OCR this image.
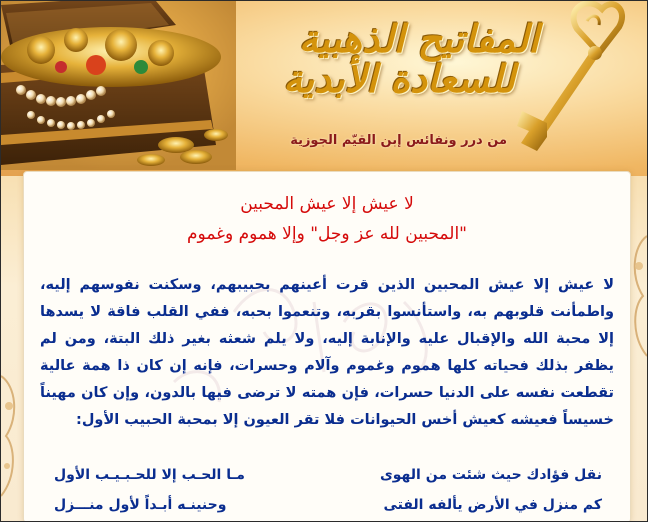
المفاتيح الذهبية
للسعادة الأبدية
من درر ونفائس إبن القيّم الجوزية
لا عيش إلا عيش المحبين
"المحبين لله عز وجل" وإلا هموم وغموم
لا عيش إلا عيش المحبين الذين قرت أعينهم بحبيبهم، وسكنت نفوسهم إليه، واطمأنت قلوبهم به، واستأنسوا بقربه، وتنعموا بحبه، ففي القلب فاقة لا يسدها إلا محبة الله والإقبال عليه والإنابة إليه، ولا يلم شعثه بغير ذلك البتة، ومن لم يظفر بذلك فحياته كلها هموم وغموم وآلام وحسرات، فإنه إن كان ذا همة عالية تقطعت نفسه على الدنيا حسرات، فإن همته لا ترضى فيها بالدون، وإن كان مهيناً خسيساً فعيشه كعيش أخس الحيوانات فلا تقر العيون إلا بمحبة الحبيب الأول:
نقل فؤادك حيث شئت من الهوى
مـا الحـب إلا للحـبـيـب الأول
كم منزل في الأرض يألفه الفتى
وحنينـه أبـداً لأول منـــزل
